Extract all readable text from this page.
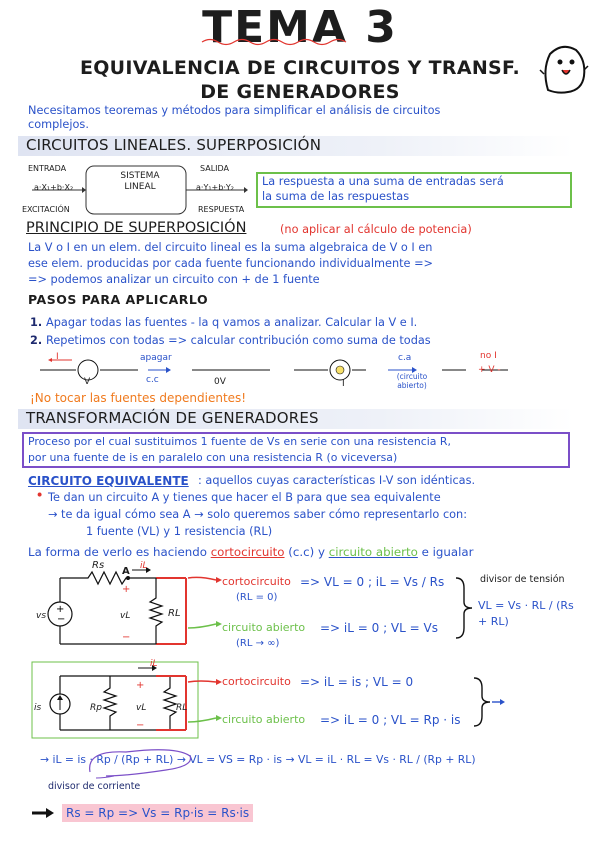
TEMA 3
EQUIVALENCIA DE CIRCUITOS Y TRANSF.
DE GENERADORES
Necesitamos teoremas y métodos para simplificar el análisis de circuitos
complejos.
CIRCUITOS LINEALES. SUPERPOSICIÓN
ENTRADA
a·X₁+b·X₂
EXCITACIÓN
SISTEMA
LINEAL
SALIDA
a·Y₁+b·Y₂
RESPUESTA
La respuesta a una suma de entradas será
la suma de las respuestas
PRINCIPIO DE SUPERPOSICIÓN	(no aplicar al cálculo de potencia)
La V o I en un elem. del circuito lineal es la suma algebraica de V o I en
ese elem. producidas por cada fuente funcionando individualmente =>
=> podemos analizar un circuito con + de 1 fuente
PASOS PARA APLICARLO
1. Apagar todas las fuentes - la q vamos a analizar. Calcular la V e I.
2. Repetimos con todas => calcular contribución como suma de todas
I
V
apagar
c.c	0V	I
c.a
(circuito abierto)
no I
+ V -
¡No tocar las fuentes dependientes!
TRANSFORMACIÓN DE GENERADORES
Proceso por el cual sustituimos 1 fuente de Vs en serie con una resistencia R,
por una fuente de is en paralelo con una resistencia R (o viceversa)
CIRCUITO EQUIVALENTE : aquellos cuyas características I-V son idénticas.
• Te dan un circuito A y tienes que hacer el B para que sea equivalente
→ te da igual cómo sea A → solo queremos saber cómo representarlo con:
1 fuente (VL) y 1 resistencia (RL)
La forma de verlo es haciendo cortocircuito (c.c) y circuito abierto e igualar
+
−
Rs
A iL
vs
+
vL
−
RL
cortocircuito => VL = 0 ; iL = Vs / Rs
(RL = 0)
circuito abierto => iL = 0 ; VL = Vs
(RL → ∞)
divisor de tensión
VL = Vs · RL / (Rs + RL)
iL
is	Rp
+
vL
−
RL
cortocircuito => iL = is ; VL = 0
circuito abierto => iL = 0 ; VL = Rp · is
→ iL = is · Rp / (Rp + RL) → VL = VS = Rp · is → VL = iL · RL = Vs · RL / (Rp + RL)
divisor de corriente
Rs = Rp => Vs = Rp·is = Rs·is
